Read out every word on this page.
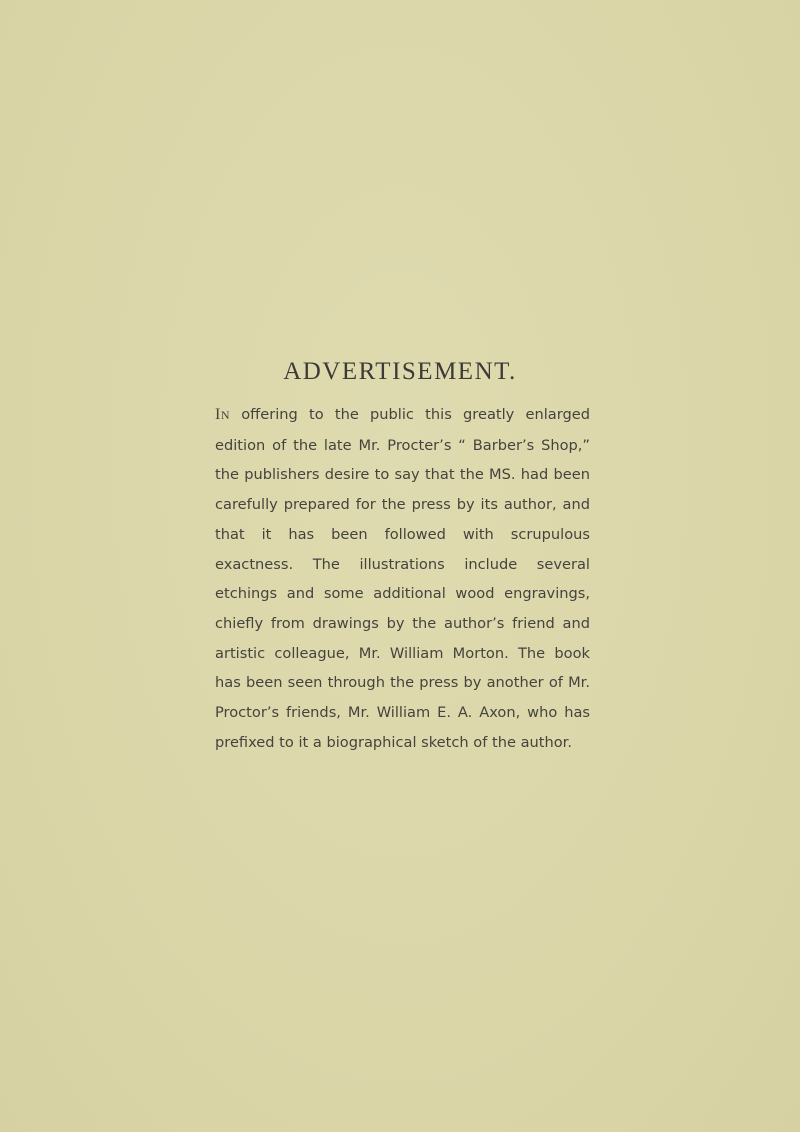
ADVERTISEMENT.

IN offering to the public this greatly enlarged edition of the late Mr. Procter’s “ Barber’s Shop,” the publishers desire to say that the MS. had been carefully prepared for the press by its author, and that it has been followed with scrupulous exactness. The illustrations include several etchings and some additional wood engravings, chiefly from drawings by the author’s friend and artistic colleague, Mr. William Morton. The book has been seen through the press by another of Mr. Proctor’s friends, Mr. William E. A. Axon, who has prefixed to it a biographical sketch of the author.
